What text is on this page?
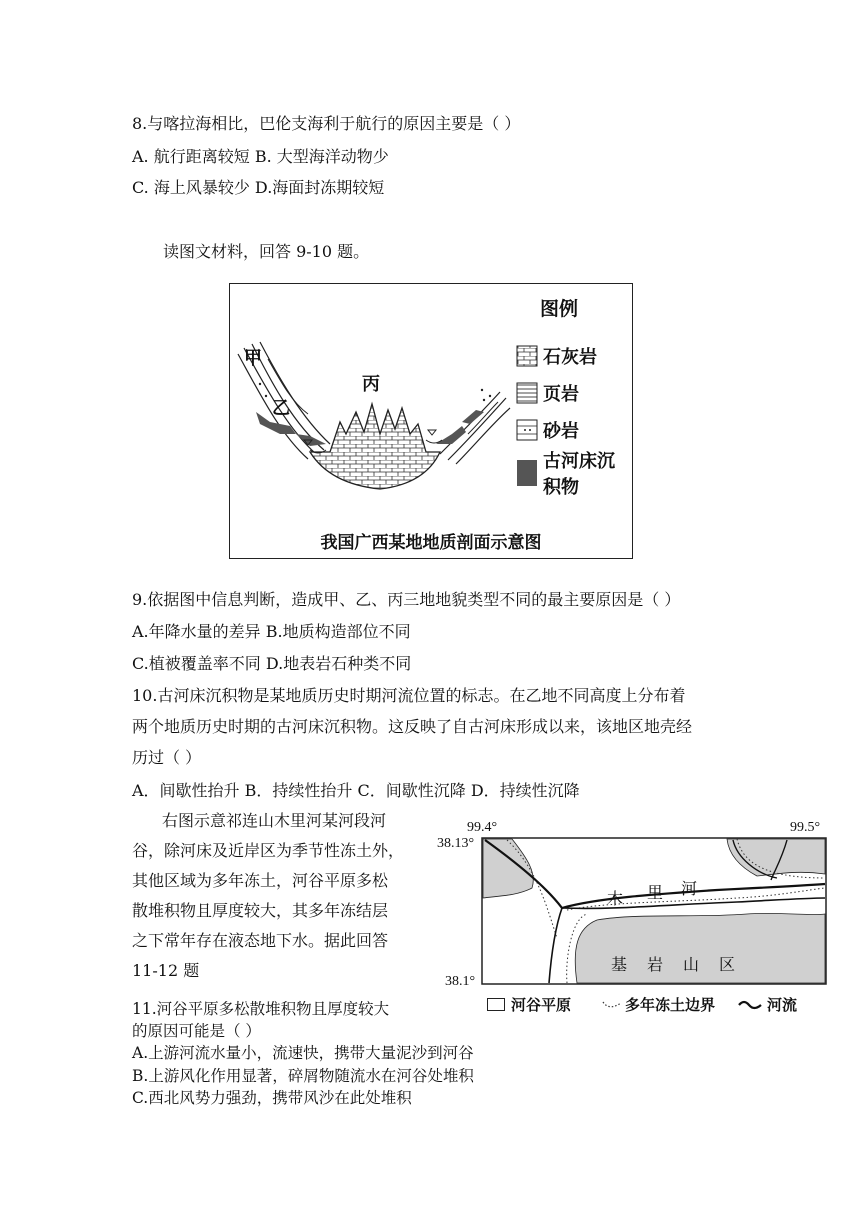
8.与喀拉海相比，巴伦支海利于航行的原因主要是（ ）
A. 航行距离较短 B. 大型海洋动物少
C. 海上风暴较少 D.海面封冻期较短
读图文材料，回答 9-10 题。
图例
石灰岩
页岩
砂岩
古河床沉积物
甲
乙
丙
我国广西某地地质剖面示意图
9.依据图中信息判断，造成甲、乙、丙三地地貌类型不同的最主要原因是（ ）
A.年降水量的差异 B.地质构造部位不同
C.植被覆盖率不同 D.地表岩石种类不同
10.古河床沉积物是某地质历史时期河流位置的标志。在乙地不同高度上分布着
两个地质历史时期的古河床沉积物。这反映了自古河床形成以来，该地区地壳经
历过（ ）
A．间歇性抬升 B．持续性抬升 C．间歇性沉降 D．持续性沉降

右图示意祁连山木里河某河段河

谷，除河床及近岸区为季节性冻土外，

其他区域为多年冻土，河谷平原多松

散堆积物且厚度较大，其多年冻结层

之下常年存在液态地下水。据此回答

11-12 题

99.4°	99.5°
38.13°
38.1°
木 里 河
基　岩　山　区
河谷平原	多年冻土边界	河流
11.河谷平原多松散堆积物且厚度较大
的原因可能是（ ）
A.上游河流水量小，流速快，携带大量泥沙到河谷
B.上游风化作用显著，碎屑物随流水在河谷处堆积
C.西北风势力强劲，携带风沙在此处堆积
